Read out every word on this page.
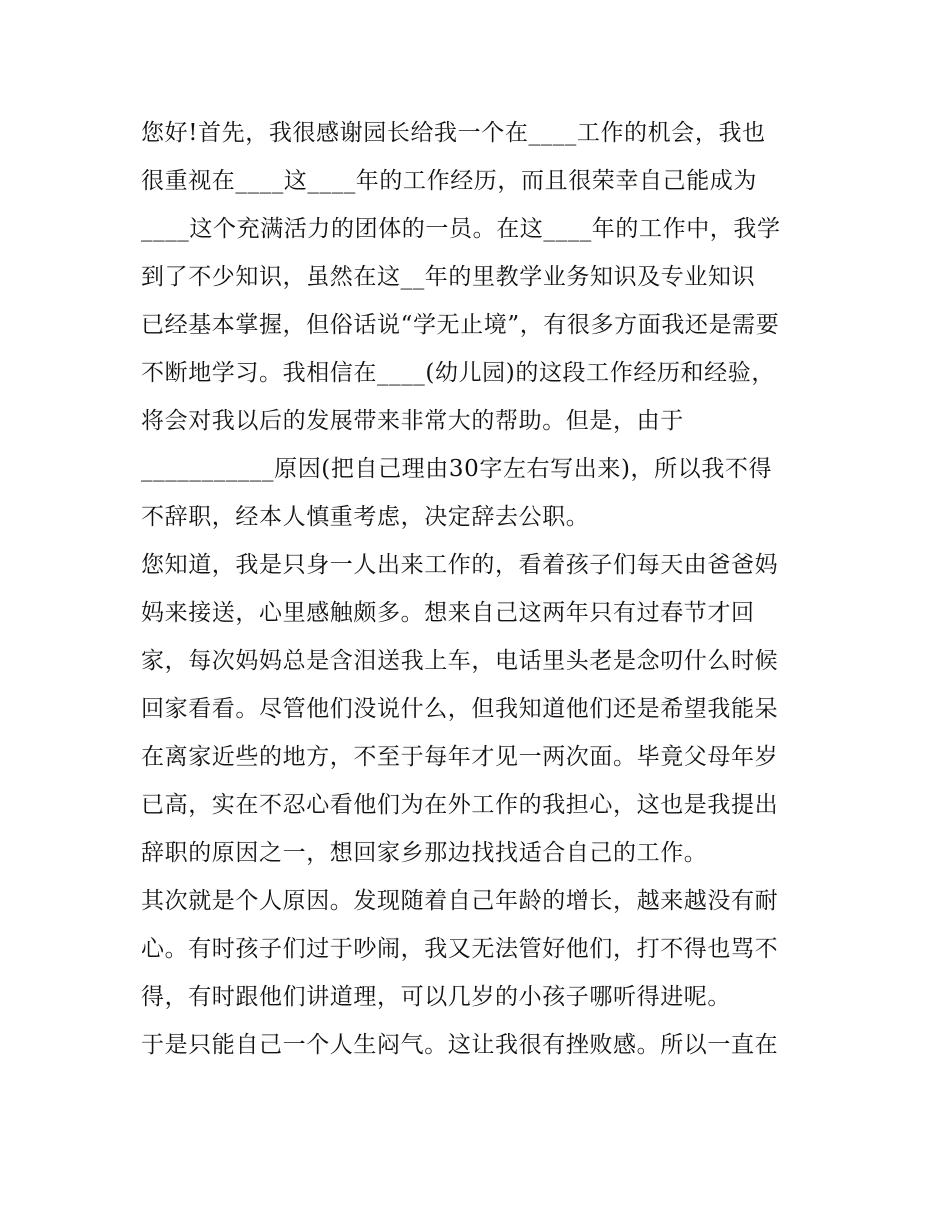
您好!首先，我很感谢园长给我一个在____工作的机会，我也
很重视在____这____年的工作经历，而且很荣幸自己能成为
____这个充满活力的团体的一员。在这____年的工作中，我学
到了不少知识，虽然在这__年的里教学业务知识及专业知识
已经基本掌握，但俗话说“学无止境”，有很多方面我还是需要
不断地学习。我相信在____(幼儿园)的这段工作经历和经验，
将会对我以后的发展带来非常大的帮助。但是，由于
___________原因(把自己理由30字左右写出来)，所以我不得
不辞职，经本人慎重考虑，决定辞去公职。
您知道，我是只身一人出来工作的，看着孩子们每天由爸爸妈
妈来接送，心里感触颇多。想来自己这两年只有过春节才回
家，每次妈妈总是含泪送我上车，电话里头老是念叨什么时候
回家看看。尽管他们没说什么，但我知道他们还是希望我能呆
在离家近些的地方，不至于每年才见一两次面。毕竟父母年岁
已高，实在不忍心看他们为在外工作的我担心，这也是我提出
辞职的原因之一，想回家乡那边找找适合自己的工作。
其次就是个人原因。发现随着自己年龄的增长，越来越没有耐
心。有时孩子们过于吵闹，我又无法管好他们，打不得也骂不
得，有时跟他们讲道理，可以几岁的小孩子哪听得进呢。
于是只能自己一个人生闷气。这让我很有挫败感。所以一直在
